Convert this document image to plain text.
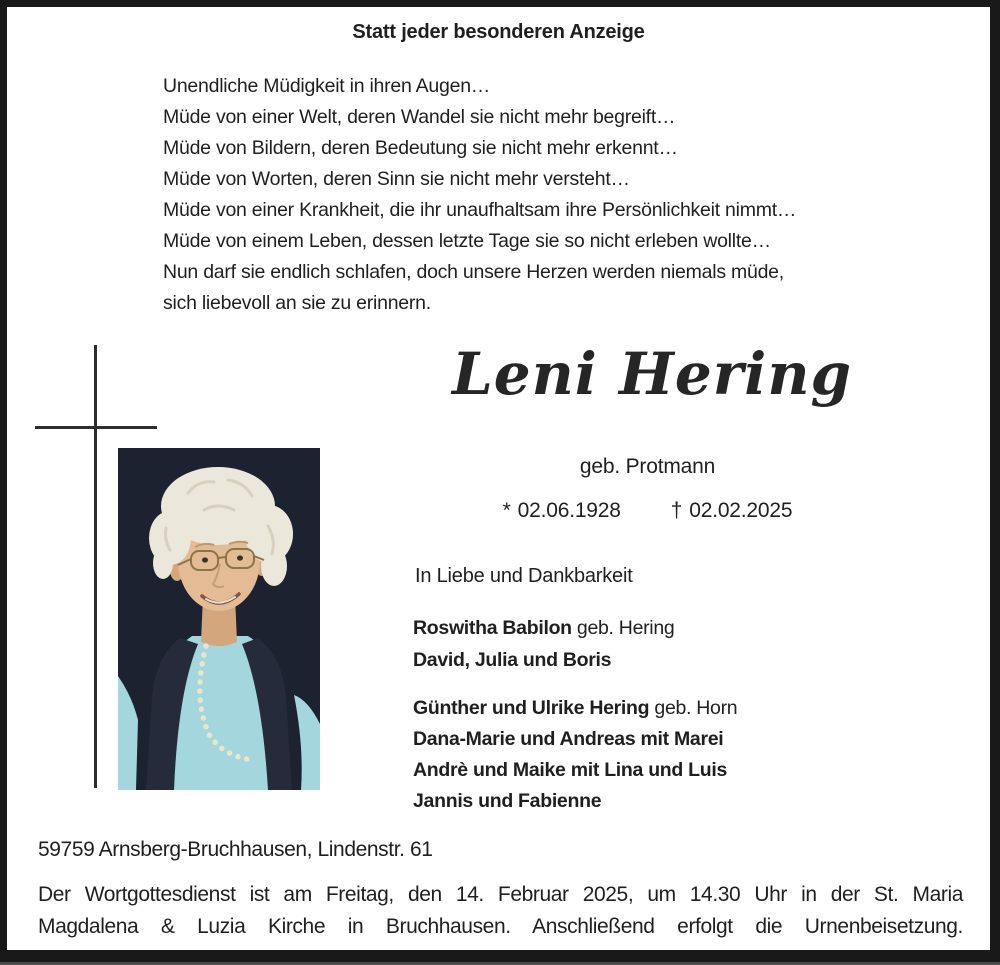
Statt jeder besonderen Anzeige
Unendliche Müdigkeit in ihren Augen…
Müde von einer Welt, deren Wandel sie nicht mehr begreift…
Müde von Bildern, deren Bedeutung sie nicht mehr erkennt…
Müde von Worten, deren Sinn sie nicht mehr versteht…
Müde von einer Krankheit, die ihr unaufhaltsam ihre Persönlichkeit nimmt…
Müde von einem Leben, dessen letzte Tage sie so nicht erleben wollte…
Nun darf sie endlich schlafen, doch unsere Herzen werden niemals müde,
sich liebevoll an sie zu erinnern.
Leni Hering
geb. Protmann
* 02.06.1928 † 02.02.2025
In Liebe und Dankbarkeit
Roswitha Babilon geb. Hering
David, Julia und Boris
Günther und Ulrike Hering geb. Horn
Dana-Marie und Andreas mit Marei
Andrè und Maike mit Lina und Luis
Jannis und Fabienne
59759 Arnsberg-Bruchhausen, Lindenstr. 61
Der Wortgottesdienst ist am Freitag, den 14. Februar 2025, um 14.30 Uhr in der St. Maria
Magdalena & Luzia Kirche in Bruchhausen. Anschließend erfolgt die Urnenbeisetzung.
